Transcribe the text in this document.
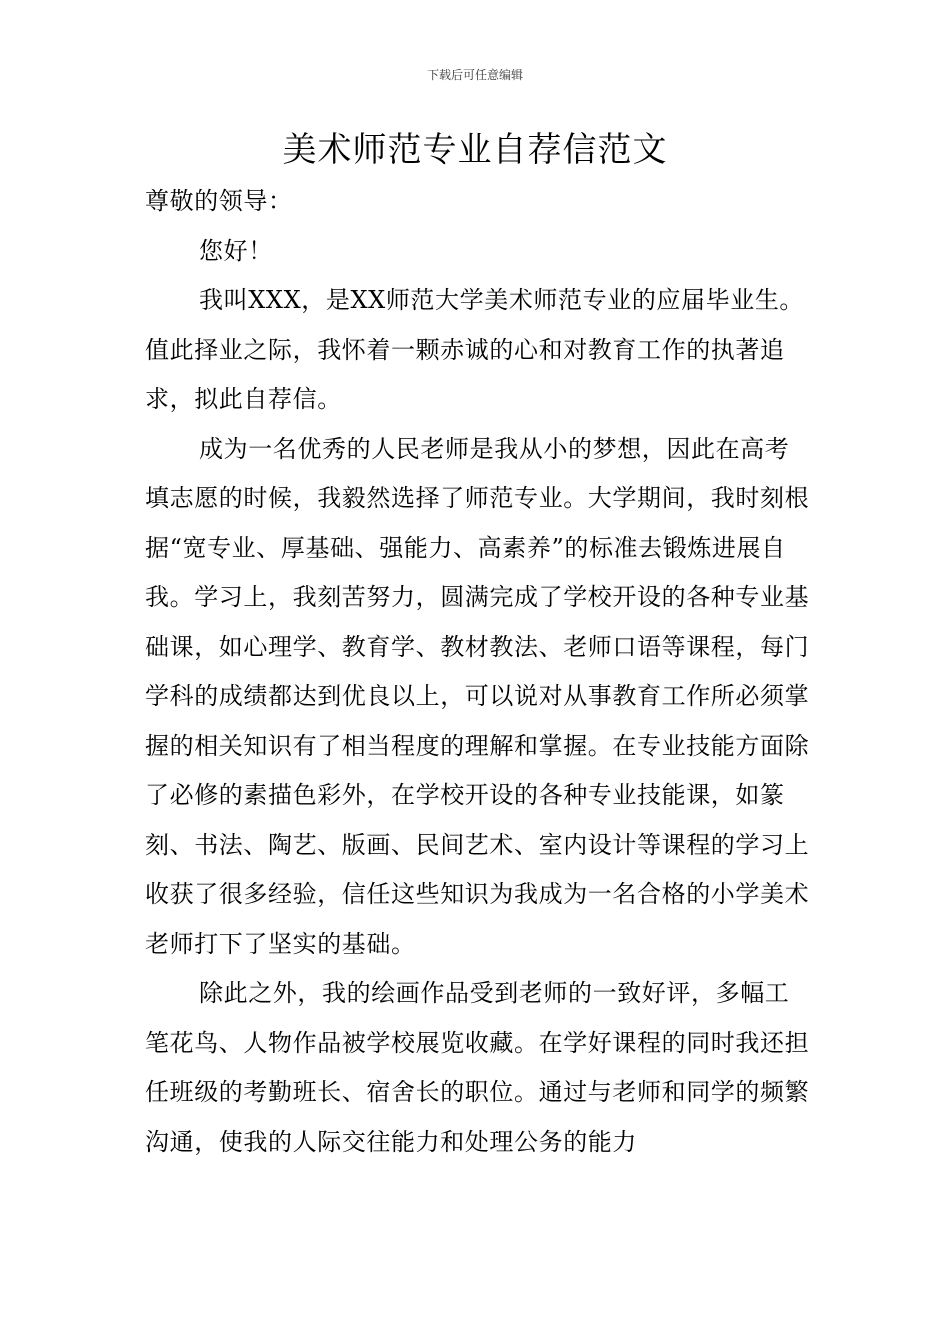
下载后可任意编辑
美术师范专业自荐信范文

尊敬的领导：

您好！

我叫XXX，是XX师范大学美术师范专业的应届毕业生。值此择业之际，我怀着一颗赤诚的心和对教育工作的执著追求，拟此自荐信。

成为一名优秀的人民老师是我从小的梦想，因此在高考填志愿的时候，我毅然选择了师范专业。大学期间，我时刻根据“宽专业、厚基础、强能力、高素养”的标准去锻炼进展自我。学习上，我刻苦努力，圆满完成了学校开设的各种专业基础课，如心理学、教育学、教材教法、老师口语等课程，每门学科的成绩都达到优良以上，可以说对从事教育工作所必须掌握的相关知识有了相当程度的理解和掌握。在专业技能方面除了必修的素描色彩外，在学校开设的各种专业技能课，如篆刻、书法、陶艺、版画、民间艺术、室内设计等课程的学习上收获了很多经验，信任这些知识为我成为一名合格的小学美术老师打下了坚实的基础。

除此之外，我的绘画作品受到老师的一致好评，多幅工笔花鸟、人物作品被学校展览收藏。在学好课程的同时我还担任班级的考勤班长、宿舍长的职位。通过与老师和同学的频繁沟通，使我的人际交往能力和处理公务的能力
